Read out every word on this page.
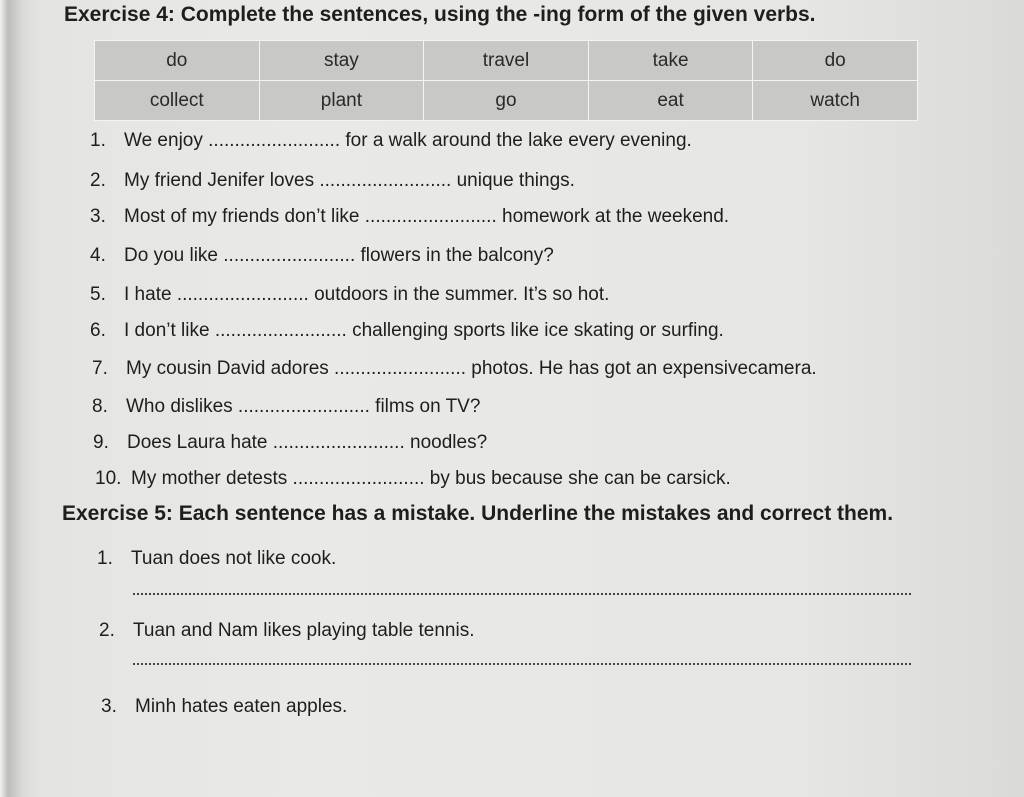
Exercise 4: Complete the sentences, using the -ing form of the given verbs.
do	stay	travel	take	do
collect	plant	go	eat	watch
1. We enjoy ......................... for a walk around the lake every evening.
2. My friend Jenifer loves ......................... unique things.
3. Most of my friends don’t like ......................... homework at the weekend.
4. Do you like ......................... flowers in the balcony?
5. I hate ......................... outdoors in the summer. It’s so hot.
6. I don’t like ......................... challenging sports like ice skating or surfing.
7. My cousin David adores ......................... photos. He has got an expensivecamera.
8. Who dislikes ......................... films on TV?
9. Does Laura hate ......................... noodles?
10. My mother detests ......................... by bus because she can be carsick.
Exercise 5: Each sentence has a mistake. Underline the mistakes and correct them.
1. Tuan does not like cook.
2. Tuan and Nam likes playing table tennis.
3. Minh hates eaten apples.
